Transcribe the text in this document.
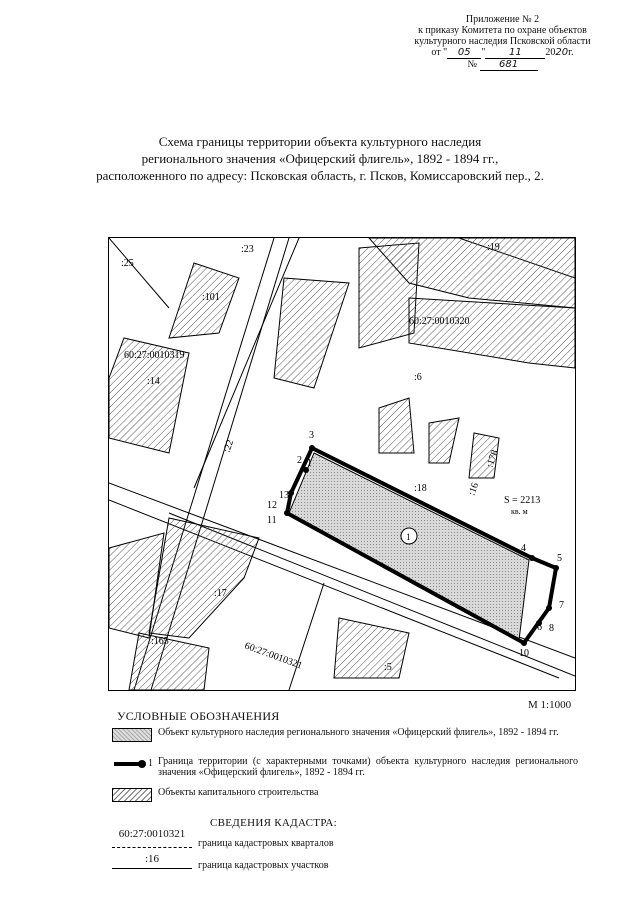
Приложение № 2
к приказу Комитета по охране объектов
культурного наследия Псковской области
от " 05 " 11 2020г.
№ 681
Схема границы территории объекта культурного наследия
регионального значения «Офицерский флигель», 1892 - 1894 гг.,
расположенного по адресу: Псковская область, г. Псков, Комиссаровский пер., 2.
:25
:23	:19
:101
60:27:0010320
60:27:0010319
:14	:6
:22
:18	:16
:178
S = 2213
кв. м
1
:17
:165	60:27:0010321	:5
7
1
2
3
4
5
6 8
10
11
12
13
М 1:1000
УСЛОВНЫЕ ОБОЗНАЧЕНИЯ
Объект культурного наследия регионального значения «Офицерский флигель», 1892 - 1894 гг.
1 Граница территории (с характерными точками) объекта культурного наследия регионального значения «Офицерский флигель», 1892 - 1894 гг.
Объекты капитального строительства
СВЕДЕНИЯ КАДАСТРА:
60:27:0010321
граница кадастровых кварталов
:16
граница кадастровых участков
